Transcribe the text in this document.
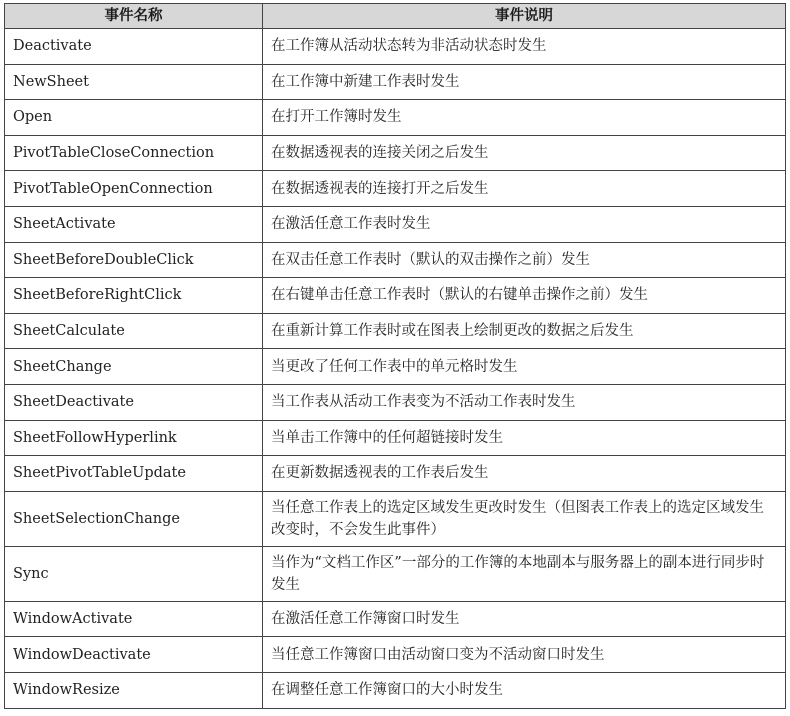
事件名称	事件说明
Deactivate	在工作簿从活动状态转为非活动状态时发生
NewSheet	在工作簿中新建工作表时发生
Open	在打开工作簿时发生
PivotTableCloseConnection	在数据透视表的连接关闭之后发生
PivotTableOpenConnection	在数据透视表的连接打开之后发生
SheetActivate	在激活任意工作表时发生
SheetBeforeDoubleClick	在双击任意工作表时（默认的双击操作之前）发生
SheetBeforeRightClick	在右键单击任意工作表时（默认的右键单击操作之前）发生
SheetCalculate	在重新计算工作表时或在图表上绘制更改的数据之后发生
SheetChange	当更改了任何工作表中的单元格时发生
SheetDeactivate	当工作表从活动工作表变为不活动工作表时发生
SheetFollowHyperlink	当单击工作簿中的任何超链接时发生
SheetPivotTableUpdate	在更新数据透视表的工作表后发生
SheetSelectionChange	当任意工作表上的选定区域发生更改时发生（但图表工作表上的选定区域发生改变时，不会发生此事件）
Sync	当作为“文档工作区”一部分的工作簿的本地副本与服务器上的副本进行同步时发生
WindowActivate	在激活任意工作簿窗口时发生
WindowDeactivate	当任意工作簿窗口由活动窗口变为不活动窗口时发生
WindowResize	在调整任意工作簿窗口的大小时发生
